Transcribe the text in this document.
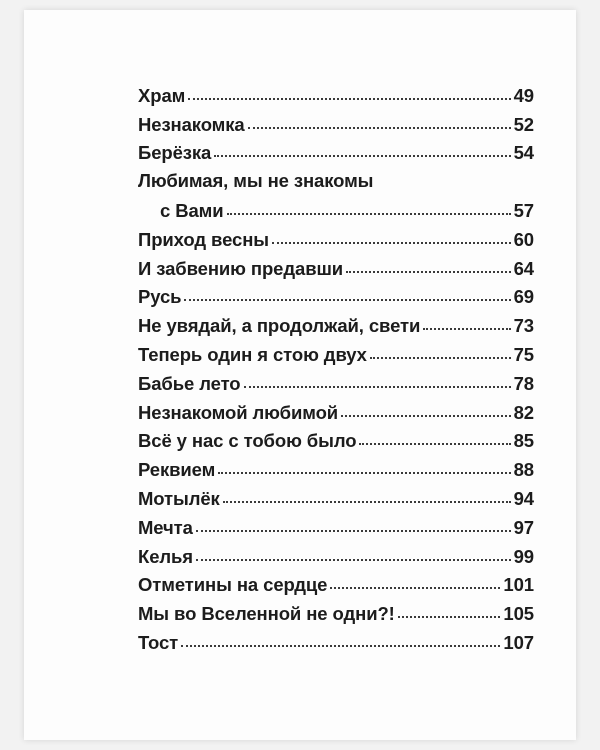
Храм	49
Незнакомка	52
Берёзка	54
Любимая, мы не знакомы
с Вами	57
Приход весны	60
И забвению предавши	64
Русь	69
Не увядай, а продолжай, свети	73
Теперь один я стою двух	75
Бабье лето	78
Незнакомой любимой	82
Всё у нас с тобою было	85
Реквием	88
Мотылёк	94
Мечта	97
Келья	99
Отметины на сердце	101
Мы во Вселенной не одни?!	105
Тост	107
